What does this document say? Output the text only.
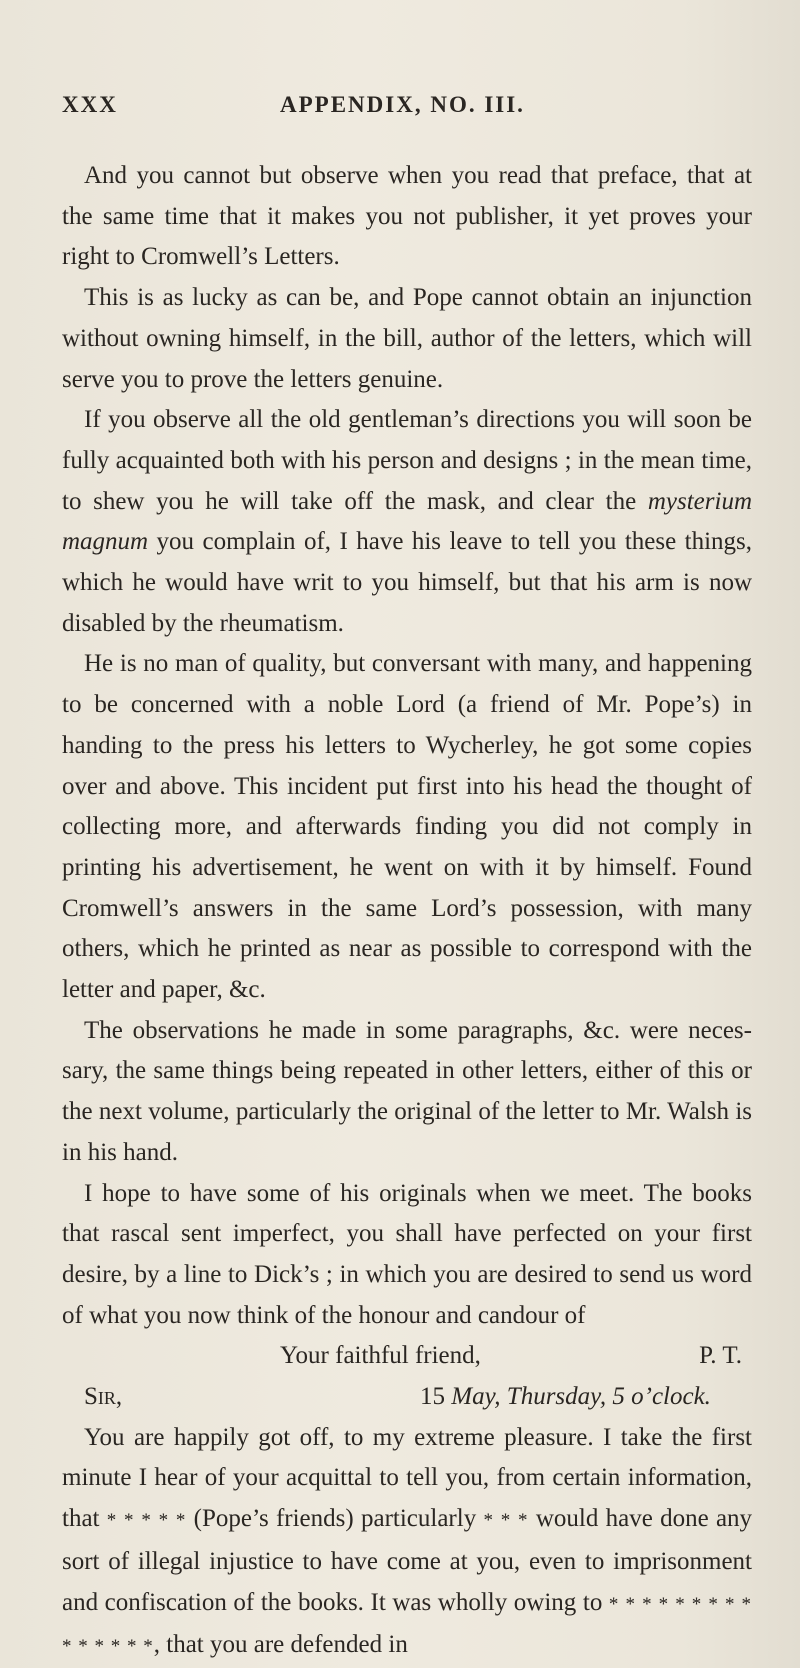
XXX	APPENDIX, NO. III.

And you cannot but observe when you read that preface, that at the same time that it makes you not publisher, it yet proves your right to Cromwell’s Letters.

This is as lucky as can be, and Pope cannot obtain an injunction without owning himself, in the bill, author of the letters, which will serve you to prove the letters genuine.

If you observe all the old gentleman’s directions you will soon be fully acquainted both with his person and designs ; in the mean time, to shew you he will take off the mask, and clear the mysterium magnum you complain of, I have his leave to tell you these things, which he would have writ to you himself, but that his arm is now disabled by the rheumatism.

He is no man of quality, but conversant with many, and happening to be concerned with a noble Lord (a friend of Mr. Pope’s) in handing to the press his letters to Wycherley, he got some copies over and above. This incident put first into his head the thought of collecting more, and afterwards finding you did not comply in printing his advertisement, he went on with it by himself. Found Cromwell’s answers in the same Lord’s possession, with many others, which he printed as near as possible to correspond with the letter and paper, &c.

The observations he made in some paragraphs, &c. were necessary, the same things being repeated in other letters, either of this or the next volume, particularly the original of the letter to Mr. Walsh is in his hand.

I hope to have some of his originals when we meet. The books that rascal sent imperfect, you shall have perfected on your first desire, by a line to Dick’s ; in which you are desired to send us word of what you now think of the honour and candour of

Your faithful friend,	P. T.
Sir,	15 May, Thursday, 5 o’clock.

You are happily got off, to my extreme pleasure. I take the first minute I hear of your acquittal to tell you, from certain information, that * * * * * (Pope’s friends) particularly * * * would have done any sort of illegal injustice to have come at you, even to imprisonment and confiscation of the books. It was wholly owing to * * * * * * * * * * * * * * *, that you are defended in
